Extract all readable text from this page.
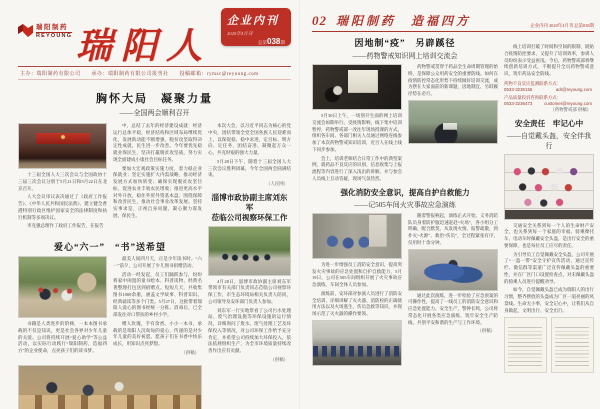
瑞阳制药
REYOUNG 瑞阳人
企业内刊
2020年4月刊
总第038期
主办：瑞阳制药有限公司　　承办：瑞阳制药有限公司报刊社　　投稿邮箱：rymsc@reyoung.com
胸怀大局　凝聚力量
——全国两会顺利召开

十三届全国人大三次会议与全国政协十三届三次会议分别于5月21日和5月22日在北京召开。

人大会议审议表决通过了《政府工作报告》、《中华人民共和国民法典》，建立健全香港特别行政区维护国家安全的法律制度和执行机制等多项决议。

李克强总理作了政府工作报告，在报告

中，总结了去年的经济建设成就：经济运行总体平稳，经济结构和区域布局继续优化，发展新动能不断增强，脱贫攻坚取得决定性成就，民生进一步改善。今年要优先稳就业保民生，坚决打赢脱贫攻坚战，努力实现全面建成小康社会目标任务。

要加大宏观政策实施力度，着力稳企业保就业；坚定实施扩大内需战略，推动经济发展方式加快转变；确保实现脱贫攻坚目标，促进农业丰收农民增收；推进更高水平对外开放，稳住外贸外资基本盘；围绕保障和改善民生，推动社会事业改革发展。坚持实事求是，正视自身问题，凝心聚力谋发展、保民生。

爱心“六一”　“书”送希望

书籍是人类进步的阶梯，一本本图书承载的不仅是知识，更是社会各界对少年儿童的关爱。公司将持续开展“爱心助学”等公益活动，以实际行动践行“瑞阳制药，造福四方”的企业使命，点亮孩子们的读书梦。

最美人间四月天，正是少年读书时。“六一”前夕，公司开展了少儿图书捐赠活动。

活动一经发起，员工们踊跃参与，纷纷将家中闲置的童书绘本、科普读物、经典名著整理打包送到捐赠点。短短几天，共收集图书1000余册，涵盖文学故事、科普知识、经典诵读等多个门类。5月27日，这批带着瑞阳人爱心的图书经统一分拣、消毒后，已全部发往对口帮扶的乡村小学。

赠人玫瑰，手有余香。小小一本书，承载的是瑞阳人沉甸甸的爱心，传递的是对少年儿童的美好祝愿。愿孩子们在书香中快乐成长，用知识点亮梦想。

（供稿）

本次大会，以习近平同志为核心的党中央，团结带领全党全国各族人民迎难而上，以保促稳、稳中求进，定目标、明方向、定任务，团结奋进、凝聚起万众一心、共克时艰的强大力量。

5月28日下午，随着十三届全国人大三次会议胜利闭幕，今年全国两会圆满结束。

（人民网）

淄博市政协副主席刘东军
莅临公司视察环保工作

4月28日，淄博市政协副主席刘东军带领市有关部门负责同志莅临公司视察环保工作，市生态环境局相关负责人陪同，公司领导及安环部门负责人参加。

刘东军一行实地察看了公司污水处理站、废气治理设施等环保设施的运行情况，详细询问了废水、废气处理工艺及环保投入等情况，对公司环保工作给予充分肯定，并希望公司持续加大环保投入，依法依规组织生产，为全市环境质量持续改善作出应有贡献。

（供稿）

02 瑞阳制药　造福四方	企业内刊 2020年4月刊 总第038期
因地制“疫”　另辟蹊径
——药物警戒知识网上培训交流会

5月30日上午，一场别开生面的网上培训交流会如期举行。受疫情影响，线下集中培训暂停，药物警戒部一改往年现场授课的方式，组织各车间、各部门相关人员通过网络连线参加了本次药物警戒知识培训，近百人在线上线下同步参加。

会上，培训老师结合日常工作中的典型案例，就药品不良反应的识别、信息收集与上报流程等内容进行了深入浅出的讲解，并与参会人员线上互动答疑，现场气氛热烈。

药物警戒贯穿于药品全生命周期管理的始终，是保障公众用药安全的重要防线。如何在疫情防控常态化形势下持续做好培训交流，成为摆在大家面前的新课题，因地制宜、另辟蹊径势在必行。

强化消防安全意识，提高自护自救能力
——记505车间火灾事故应急演练

为进一步增强员工消防安全意识，提高突发火灾事故的应急处置和自护自救能力，5月19日，公司在505车间组织开展了火灾事故应急演练，车间全体人员参加。

演练前，安环部对参演人员进行了消防安全培训，详细讲解了灭火器、消防栓的正确使用方法以及火场逃生、伤员急救等知识，并现场示范了灭火器的操作要领。

随着警报响起，演练正式开始。义务消防队员身着防护服迅速赶赴“火场”，各小组分工明确、配合默契，从发现火情、报警疏散，到扑灭“火源”、救治“伤员”，全过程紧张有序，仅用时十余分钟。

通过此次演练，进一步检验了应急预案的可操作性，提高了一线员工的消防安全意识和应急处置能力。安全生产，警钟长鸣，公司将常态化开展各类应急演练，筑牢安全生产防线，共创平安和谐的生产与工作环境。

（供稿）

线上培训打破了时间和空间的限制，既贴合疫情防控要求，又提升了培训效率，参训人员纷纷表示受益匪浅。今后，药物警戒部将继续创新培训方式，不断提升全员药物警戒意识，筑牢药品安全防线。

药物不良反应监测联系方式：
0533-3236156	adr@reyoung.com
产品质量投诉咨询联系方式：
0533-3236473	customer@reyoung.com

（药物警戒部 供稿）

安全责任　牢记心中
——自觉戴头盔，安全伴我行

交通安全关系到每一个人的生命财产安全，也关系到每一个家庭的幸福。骑乘摩托车、电动车时佩戴安全头盔，是出行安全的重要保障，也是每位员工应尽的责任。

为引导员工自觉佩戴安全头盔，公司开展了“一盔一带”安全守护宣传活动，通过宣传栏、微信群等渠道广泛宣传佩戴头盔的重要性，并在厂区门口设置检查点，对未佩戴头盔的骑乘人员进行提醒劝导。

如今，自觉佩戴头盔已成为瑞阳人的出行习惯，整齐摆放的头盔成为厂区一道亮丽的风景线。生命无小事，安全记心中，让我们从自身做起，文明出行、安全出行。
